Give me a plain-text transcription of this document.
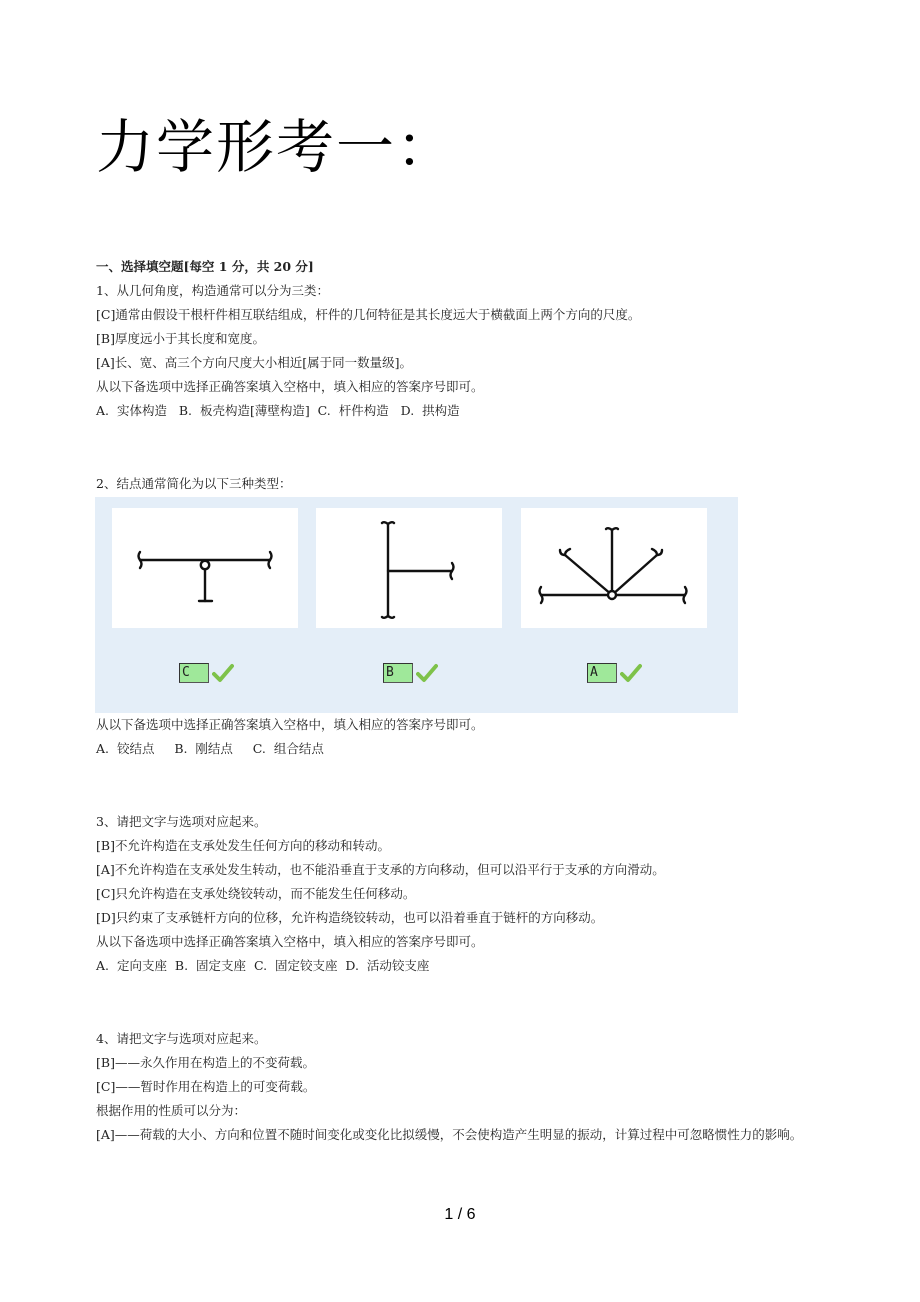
力学形考一：
一、选择填空题[每空 1 分，共 20 分]
1、从几何角度，构造通常可以分为三类：
[C]通常由假设干根杆件相互联结组成，杆件的几何特征是其长度远大于横截面上两个方向的尺度。
[B]厚度远小于其长度和宽度。
[A]长、宽、高三个方向尺度大小相近[属于同一数量级]。
从以下备选项中选择正确答案填入空格中，填入相应的答案序号即可。
A.  实体构造   B.  板壳构造[薄壁构造]  C.  杆件构造   D.  拱构造
2、结点通常简化为以下三种类型：
C	B	A
从以下备选项中选择正确答案填入空格中，填入相应的答案序号即可。
A.  铰结点     B.  刚结点     C.  组合结点
3、请把文字与选项对应起来。
[B]不允许构造在支承处发生任何方向的移动和转动。
[A]不允许构造在支承处发生转动，也不能沿垂直于支承的方向移动，但可以沿平行于支承的方向滑动。
[C]只允许构造在支承处绕铰转动，而不能发生任何移动。
[D]只约束了支承链杆方向的位移，允许构造绕铰转动，也可以沿着垂直于链杆的方向移动。
从以下备选项中选择正确答案填入空格中，填入相应的答案序号即可。
A.  定向支座  B.  固定支座  C.  固定铰支座  D.  活动铰支座
4、请把文字与选项对应起来。
[B]——永久作用在构造上的不变荷载。
[C]——暂时作用在构造上的可变荷载。
根据作用的性质可以分为：
[A]——荷载的大小、方向和位置不随时间变化或变化比拟缓慢，不会使构造产生明显的振动，计算过程中可忽略惯性力的影响。
1 / 6
